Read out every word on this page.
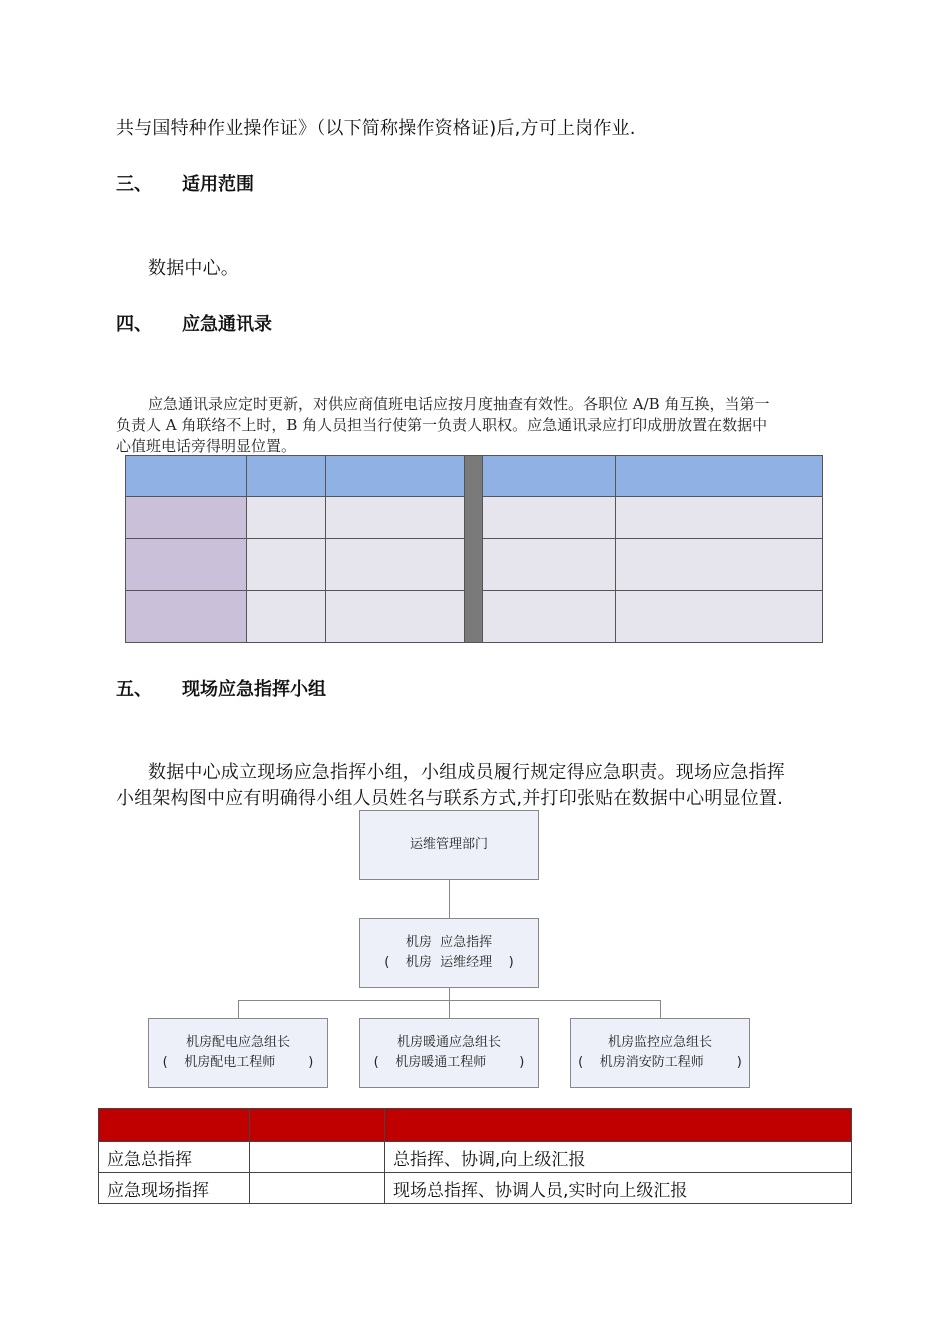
共与国特种作业操作证》（以下简称操作资格证)后,方可上岗作业.
三、 适用范围
数据中心。
四、 应急通讯录
应急通讯录应定时更新，对供应商值班电话应按月度抽查有效性。各职位 A/B 角互换，当第一
负责人 A 角联络不上时，B 角人员担当行使第一负责人职权。应急通讯录应打印成册放置在数据中
心值班电话旁得明显位置。

五、 现场应急指挥小组
数据中心成立现场应急指挥小组，小组成员履行规定得应急职责。现场应急指挥
小组架构图中应有明确得小组人员姓名与联系方式,并打印张贴在数据中心明显位置.
运维管理部门
机房  应急指挥
(    机房  运维经理    )
机房配电应急组长
(    机房配电工程师        )
机房暖通应急组长
(    机房暖通工程师        )
机房监控应急组长
(    机房消安防工程师        )

应急总指挥		总指挥、协调,向上级汇报
应急现场指挥		现场总指挥、协调人员,实时向上级汇报
